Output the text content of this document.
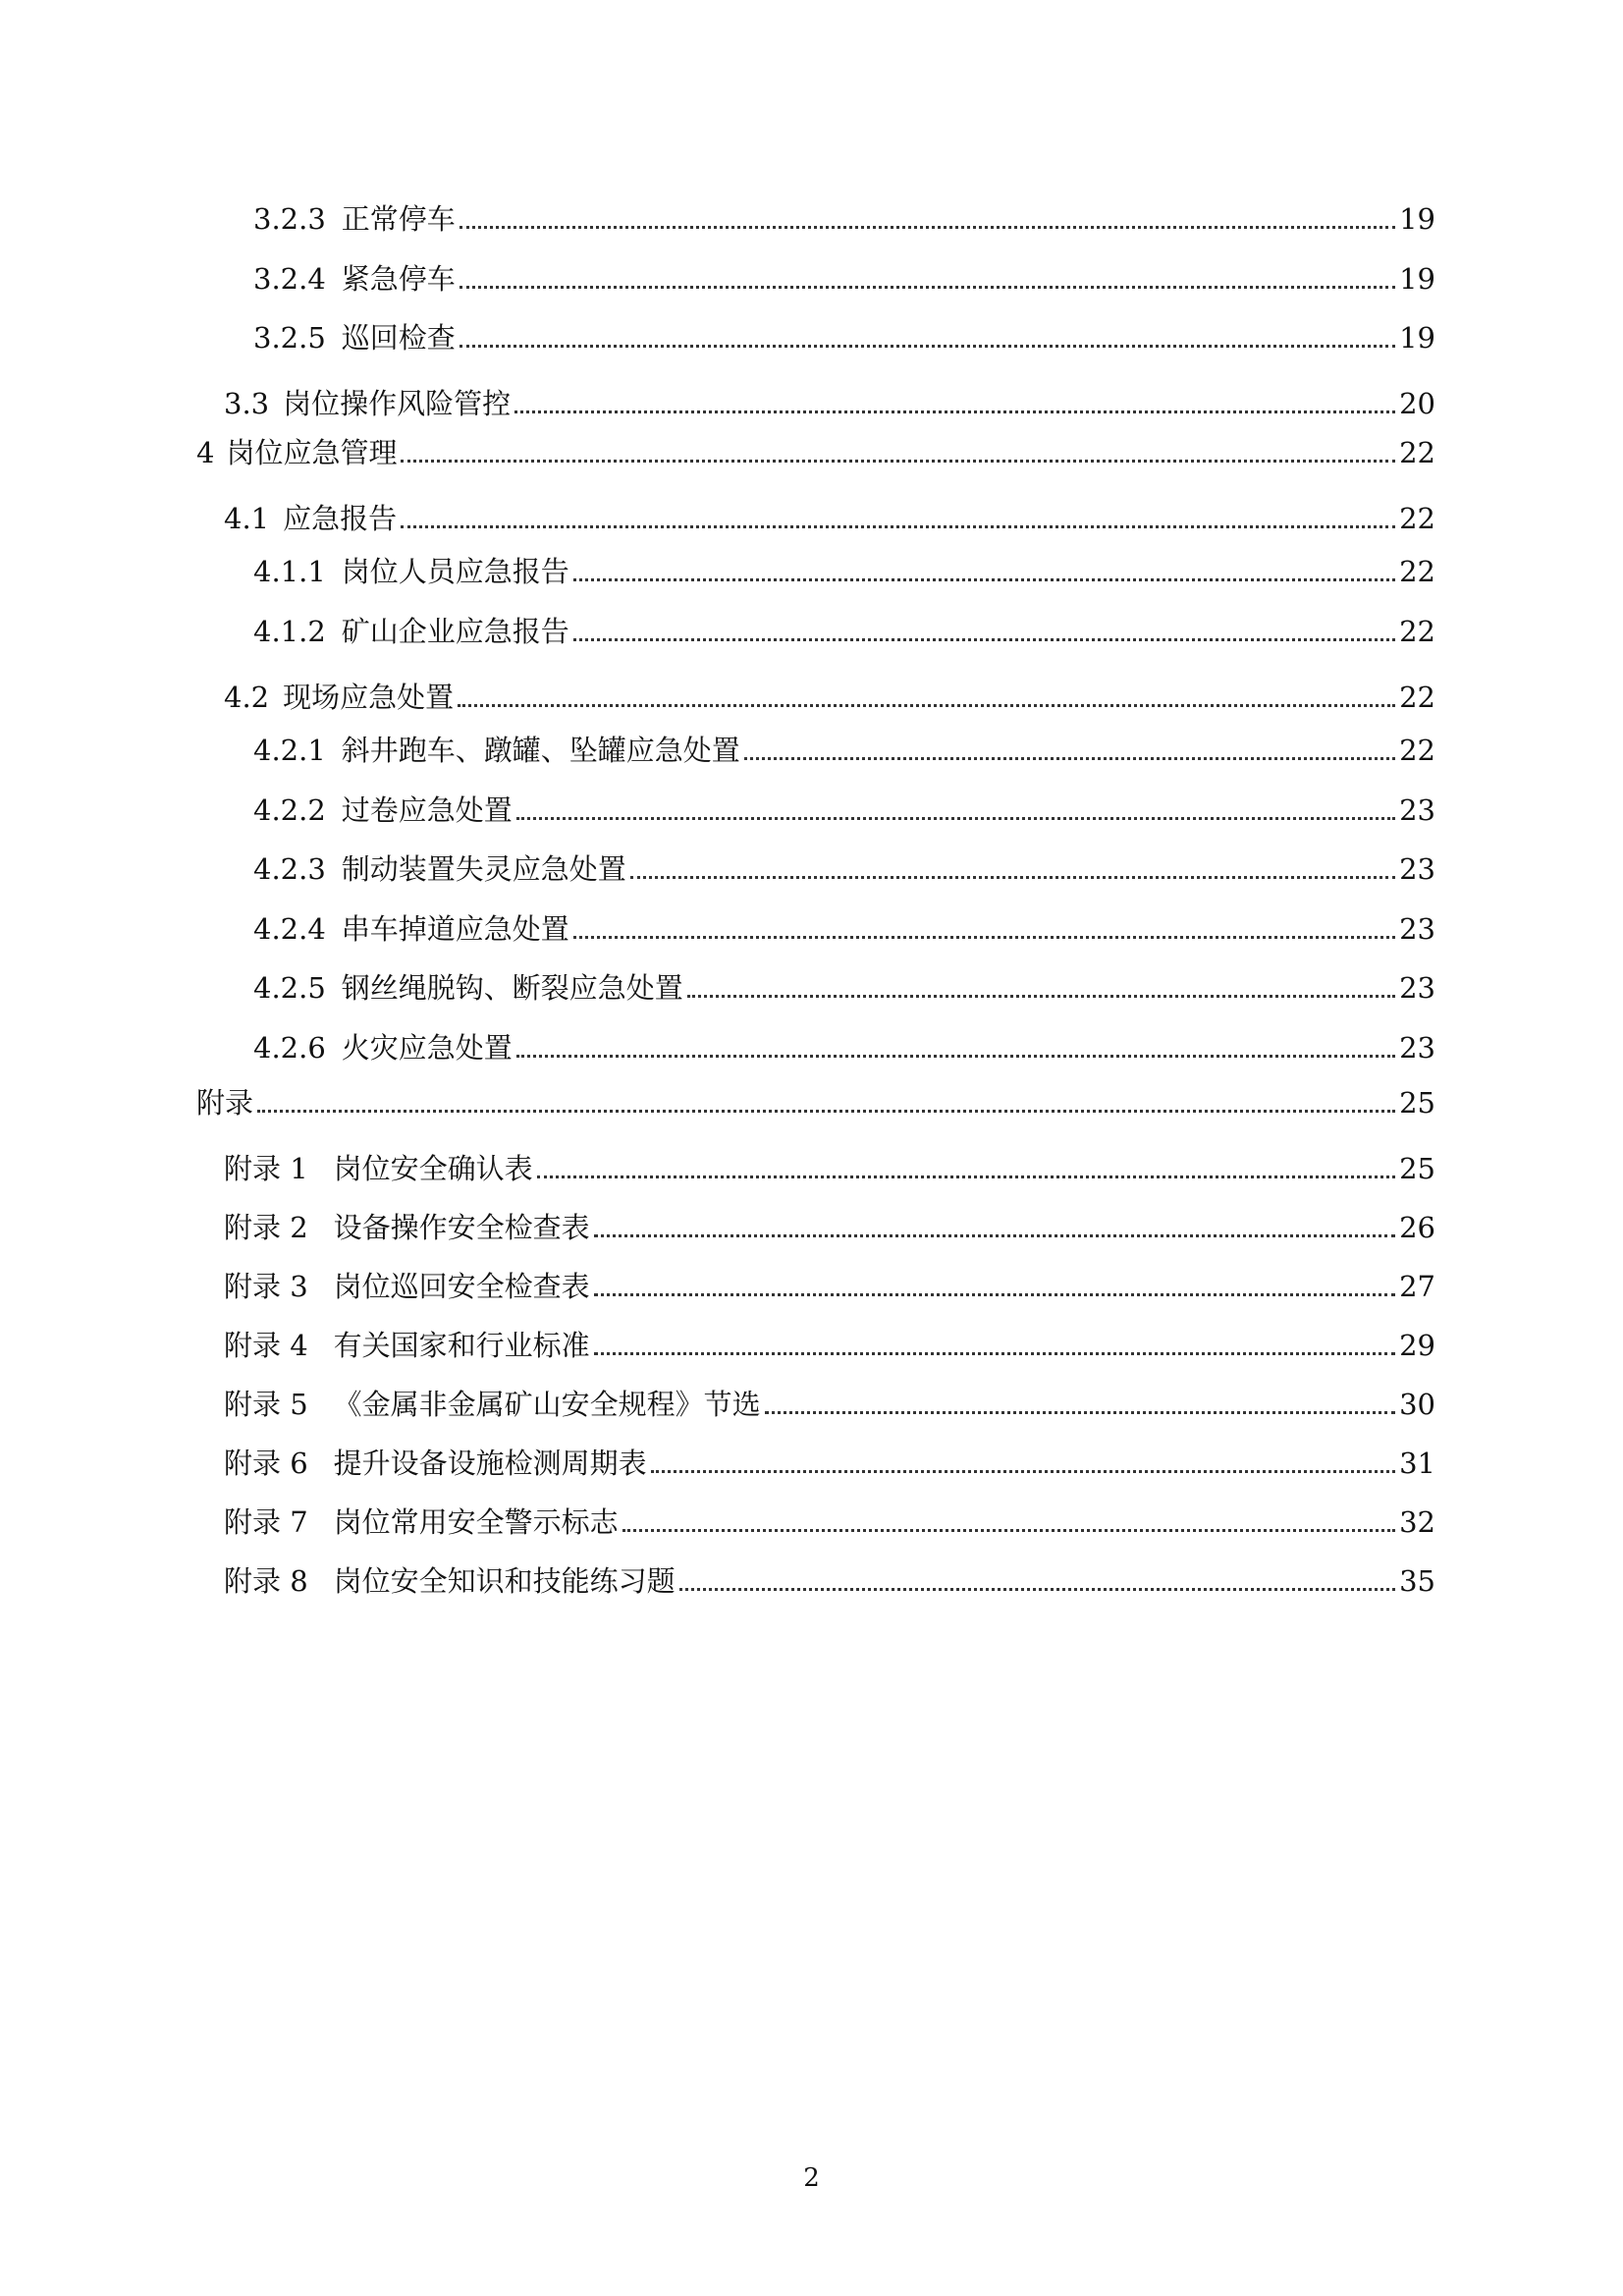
3.2.3 正常停车	19
3.2.4 紧急停车	19
3.2.5 巡回检查	19
3.3 岗位操作风险管控	20
4 岗位应急管理	22
4.1 应急报告	22
4.1.1 岗位人员应急报告	22
4.1.2 矿山企业应急报告	22
4.2 现场应急处置	22
4.2.1 斜井跑车、蹾罐、坠罐应急处置	22
4.2.2 过卷应急处置	23
4.2.3 制动装置失灵应急处置	23
4.2.4 串车掉道应急处置	23
4.2.5 钢丝绳脱钩、断裂应急处置	23
4.2.6 火灾应急处置	23
附录	25
附录 1 岗位安全确认表	25
附录 2 设备操作安全检查表	26
附录 3 岗位巡回安全检查表	27
附录 4 有关国家和行业标准	29
附录 5 《金属非金属矿山安全规程》节选	30
附录 6 提升设备设施检测周期表	31
附录 7 岗位常用安全警示标志	32
附录 8 岗位安全知识和技能练习题	35
2
